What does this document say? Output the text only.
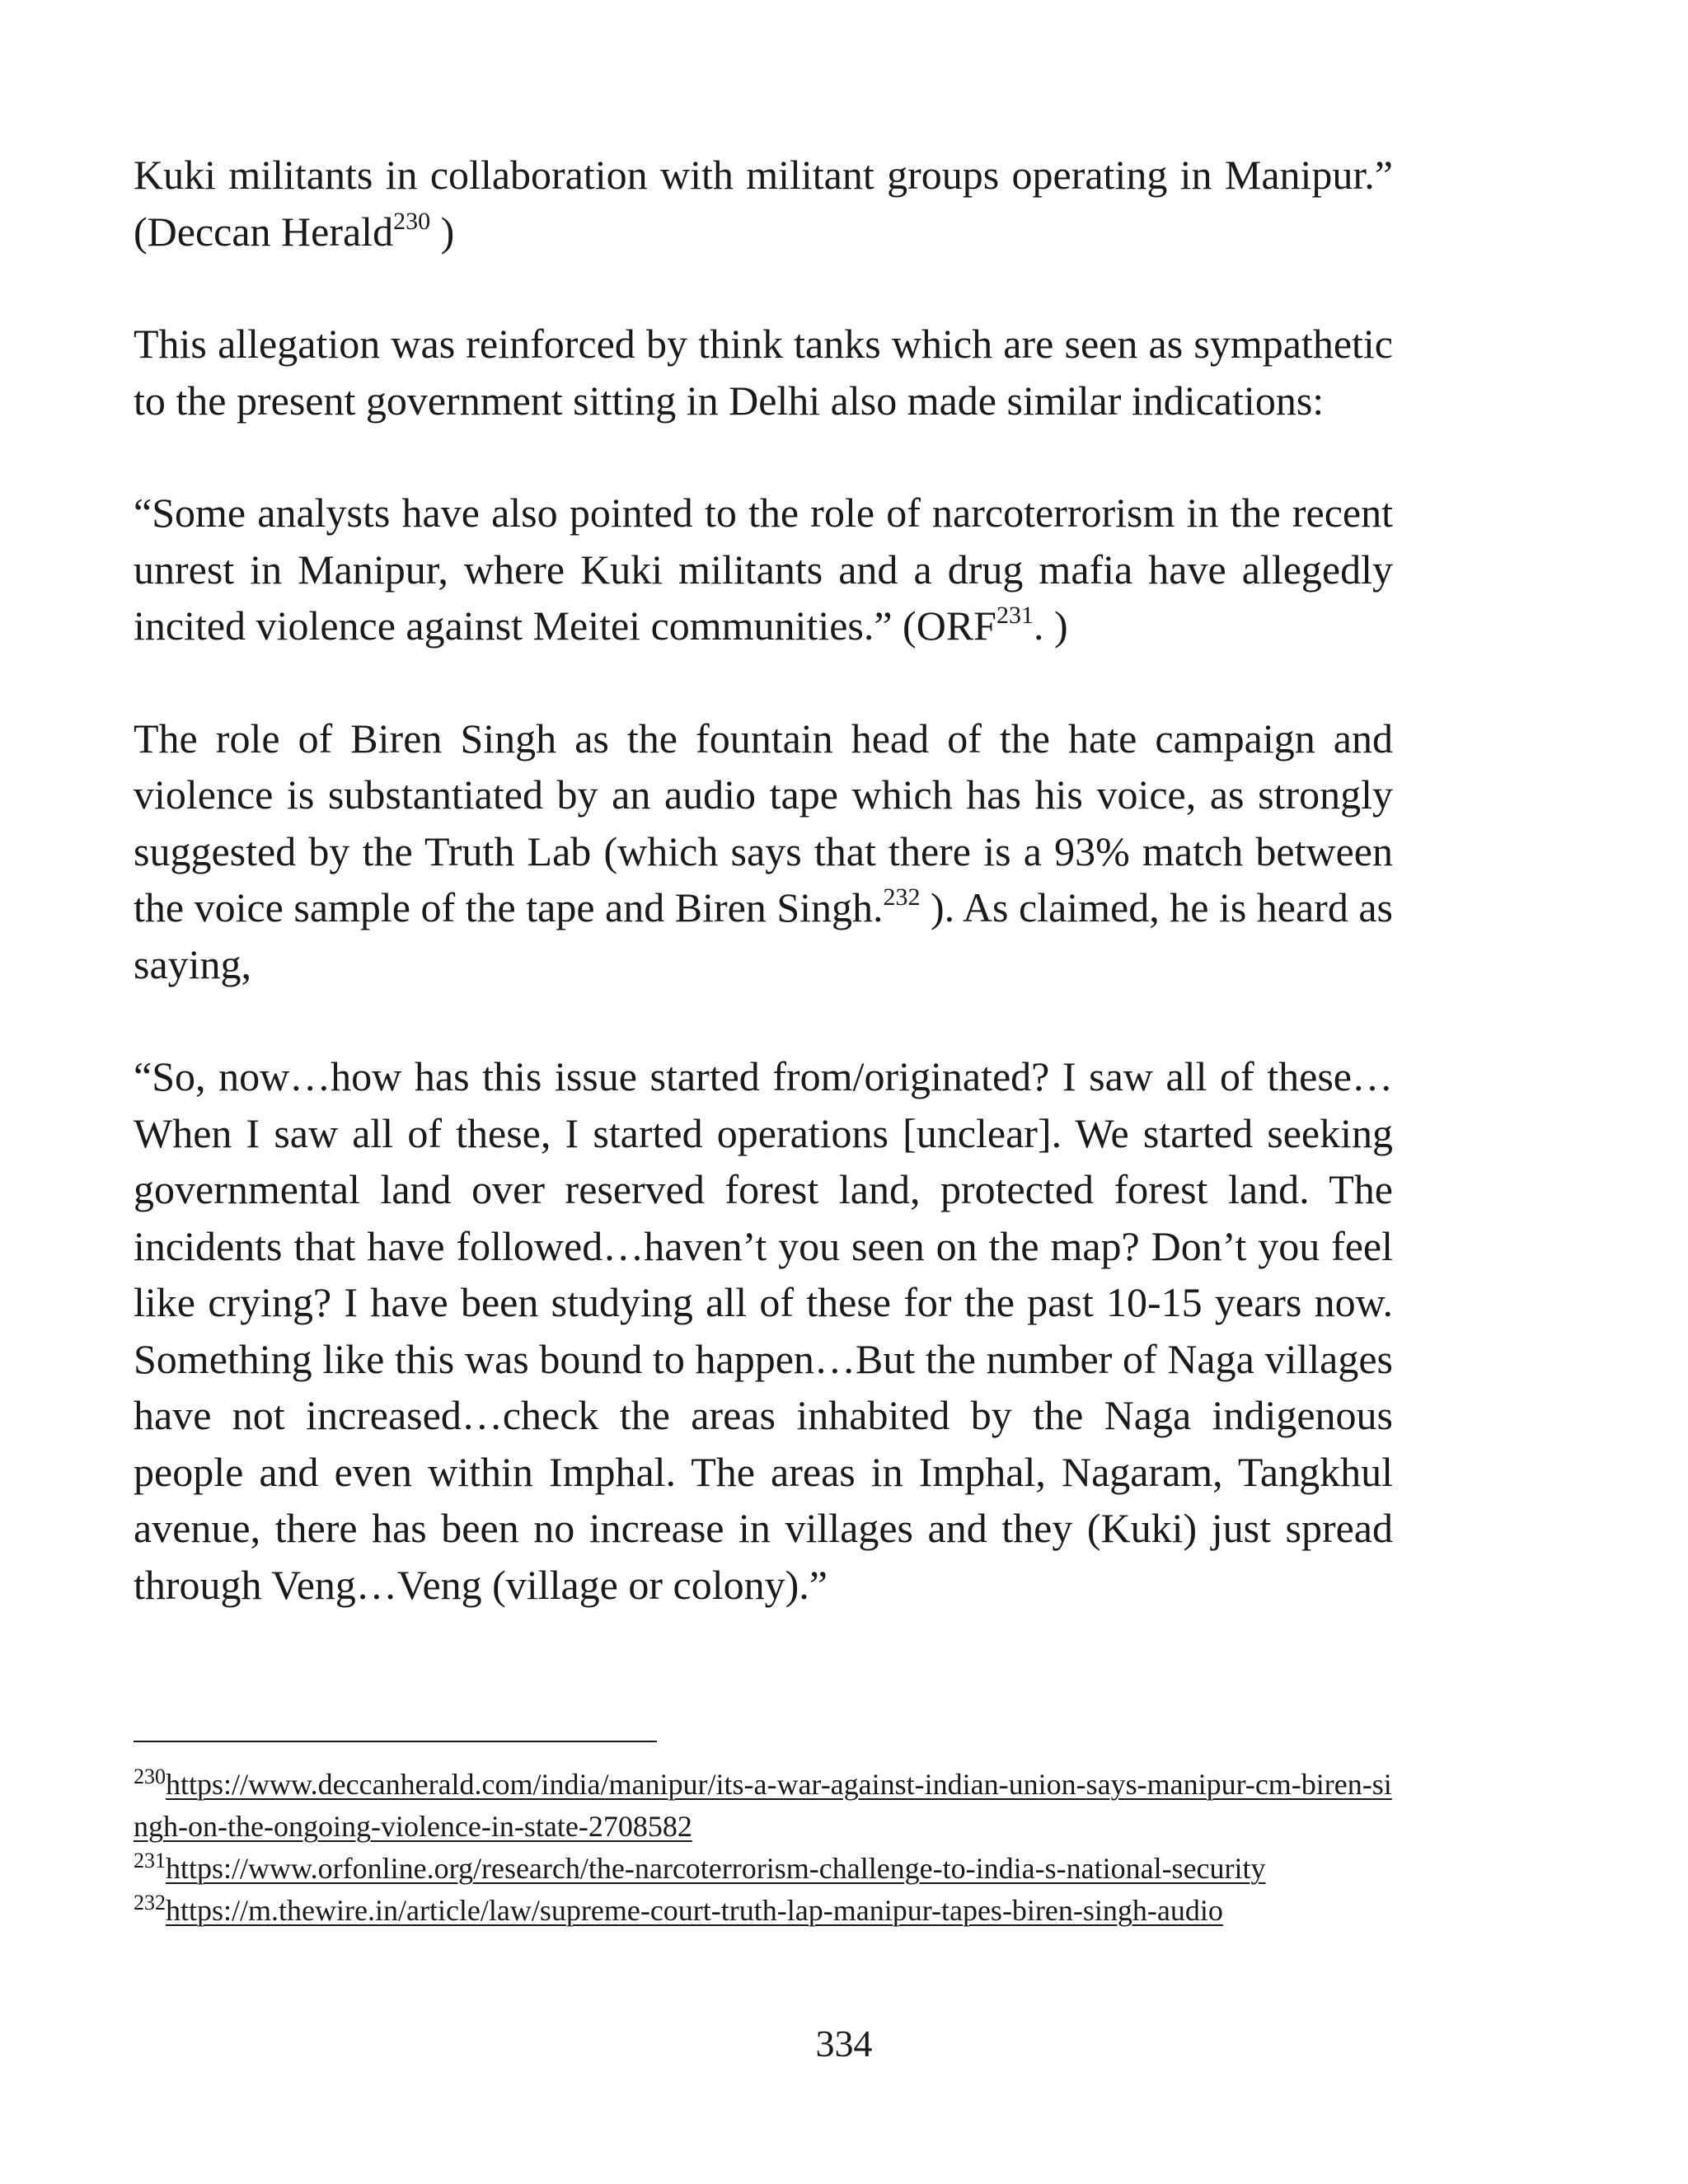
Kuki militants in collaboration with militant groups operating in Manipur.” (Deccan Herald$^{230}$ )

This allegation was reinforced by think tanks which are seen as sympathetic to the present government sitting in Delhi also made similar indications:

“Some analysts have also pointed to the role of narcoterrorism in the recent unrest in Manipur, where Kuki militants and a drug mafia have allegedly incited violence against Meitei communities.” (ORF$^{231}$. )

The role of Biren Singh as the fountain head of the hate campaign and violence is substantiated by an audio tape which has his voice, as strongly suggested by the Truth Lab (which says that there is a 93% match between the voice sample of the tape and Biren Singh.$^{232}$ ). As claimed, he is heard as saying,

“So, now…how has this issue started from/originated? I saw all of these…When I saw all of these, I started operations [unclear]. We started seeking governmental land over reserved forest land, protected forest land. The incidents that have followed…haven’t you seen on the map? Don’t you feel like crying? I have been studying all of these for the past 10-15 years now. Something like this was bound to happen…But the number of Naga villages have not increased…check the areas inhabited by the Naga indigenous people and even within Imphal. The areas in Imphal, Nagaram, Tangkhul avenue, there has been no increase in villages and they (Kuki) just spread through Veng…Veng (village or colony).”

$^{230}$https://www.deccanherald.com/india/manipur/its-a-war-against-indian-union-says-manipur-cm-biren-singh-on-the-ongoing-violence-in-state-2708582

$^{231}$https://www.orfonline.org/research/the-narcoterrorism-challenge-to-india-s-national-security

$^{232}$https://m.thewire.in/article/law/supreme-court-truth-lap-manipur-tapes-biren-singh-audio

334
